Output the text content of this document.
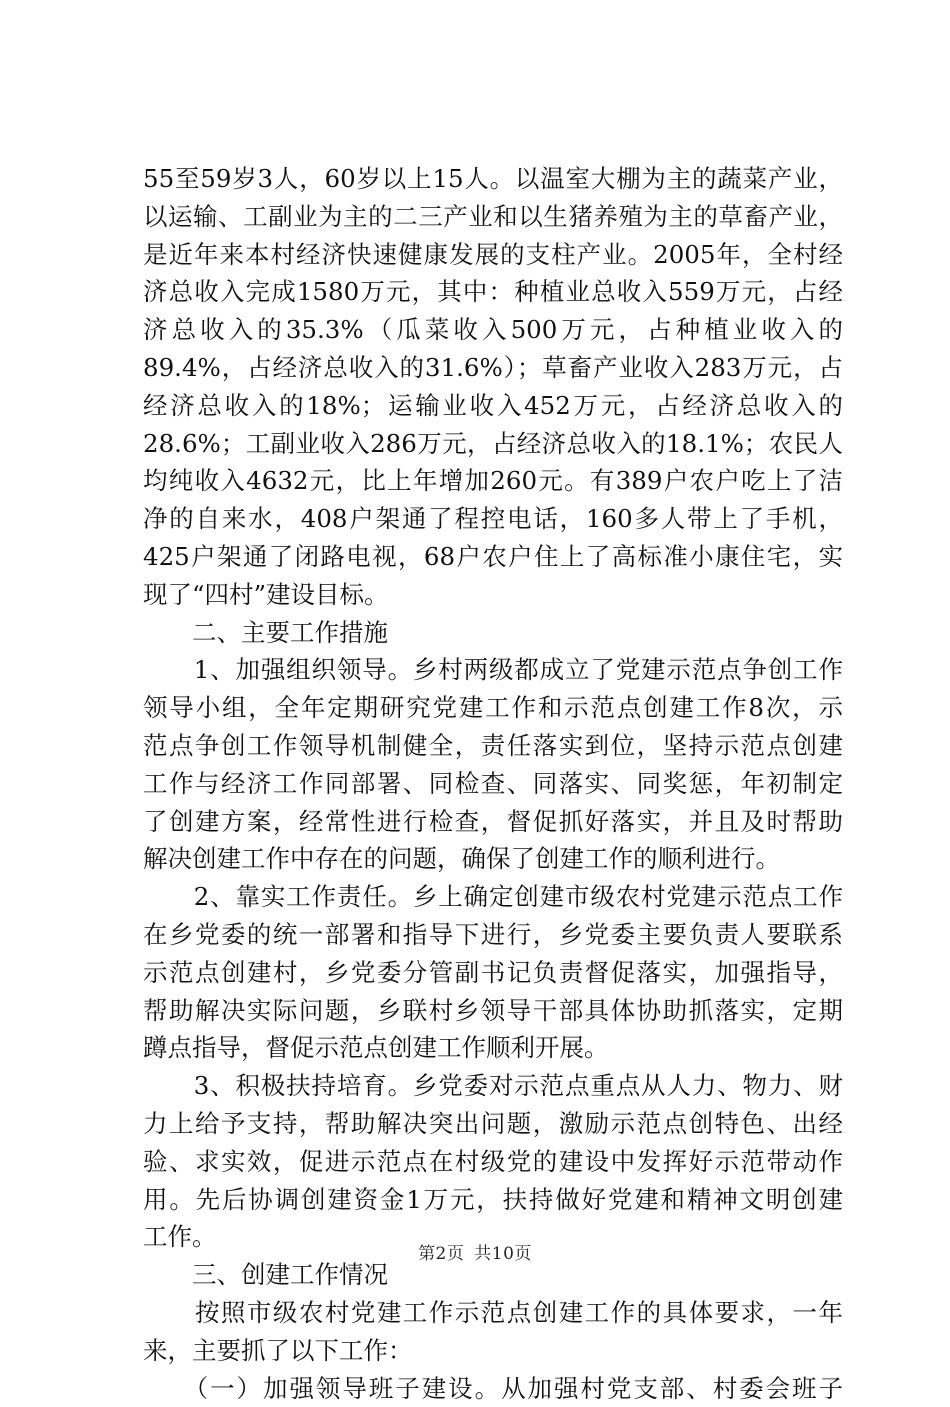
55至59岁3人，60岁以上15人。以温室大棚为主的蔬菜产业，
以运输、工副业为主的二三产业和以生猪养殖为主的草畜产业，
是近年来本村经济快速健康发展的支柱产业。2005年，全村经
济总收入完成1580万元，其中：种植业总收入559万元，占经
济总收入的35.3%（瓜菜收入500万元，占种植业收入的
89.4%，占经济总收入的31.6%）；草畜产业收入283万元，占
经济总收入的18%；运输业收入452万元，占经济总收入的
28.6%；工副业收入286万元，占经济总收入的18.1%；农民人
均纯收入4632元，比上年增加260元。有389户农户吃上了洁
净的自来水，408户架通了程控电话，160多人带上了手机，
425户架通了闭路电视，68户农户住上了高标准小康住宅，实
现了“四村”建设目标。
　　二、主要工作措施
　　1、加强组织领导。乡村两级都成立了党建示范点争创工作
领导小组，全年定期研究党建工作和示范点创建工作8次，示
范点争创工作领导机制健全，责任落实到位，坚持示范点创建
工作与经济工作同部署、同检查、同落实、同奖惩，年初制定
了创建方案，经常性进行检查，督促抓好落实，并且及时帮助
解决创建工作中存在的问题，确保了创建工作的顺利进行。
　　2、靠实工作责任。乡上确定创建市级农村党建示范点工作
在乡党委的统一部署和指导下进行，乡党委主要负责人要联系
示范点创建村，乡党委分管副书记负责督促落实，加强指导，
帮助解决实际问题，乡联村乡领导干部具体协助抓落实，定期
蹲点指导，督促示范点创建工作顺利开展。
　　3、积极扶持培育。乡党委对示范点重点从人力、物力、财
力上给予支持，帮助解决突出问题，激励示范点创特色、出经
验、求实效，促进示范点在村级党的建设中发挥好示范带动作
用。先后协调创建资金1万元，扶持做好党建和精神文明创建
工作。
　　三、创建工作情况
　　按照市级农村党建工作示范点创建工作的具体要求，一年
来，主要抓了以下工作：
　　（一）加强领导班子建设。从加强村党支部、村委会班子
第2页 共10页
